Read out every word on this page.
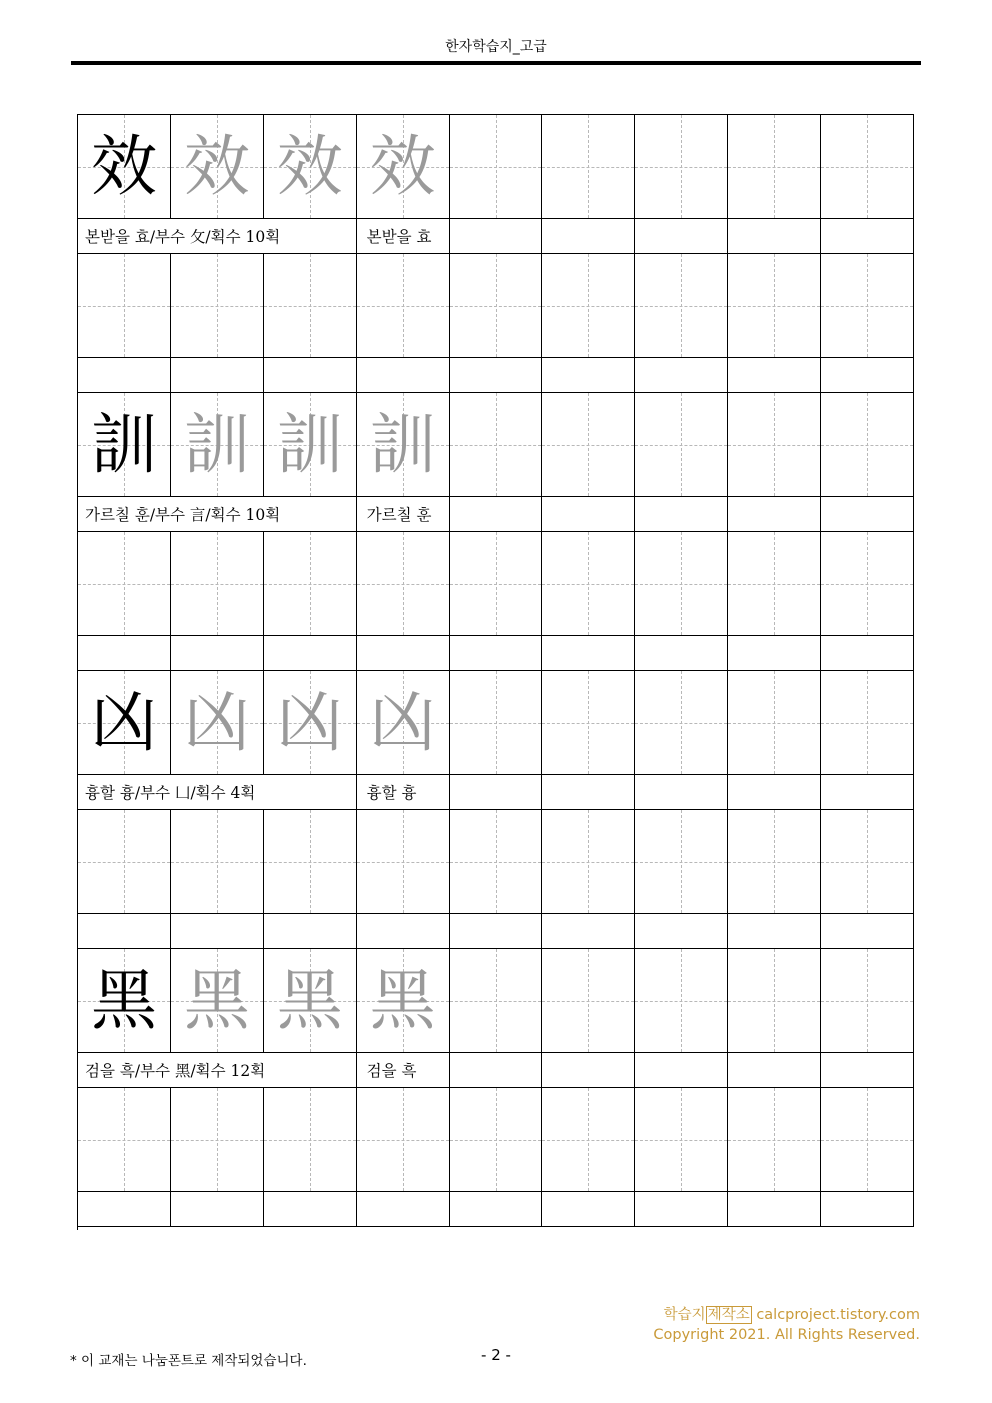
한자학습지_고급
效 效 效 效
본받을 효/부수 攵/획수 10획	본받을 효
訓 訓 訓 訓
가르칠 훈/부수 言/획수 10획	가르칠 훈
凶 凶 凶 凶
흉할 흉/부수 凵/획수 4획	흉할 흉
黑 黑 黑 黑
검을 흑/부수 黑/획수 12획	검을 흑
학습지 제작소 calcproject.tistory.com
Copyright 2021. All Rights Reserved.
* 이 교재는 나눔폰트로 제작되었습니다.	- 2 -
